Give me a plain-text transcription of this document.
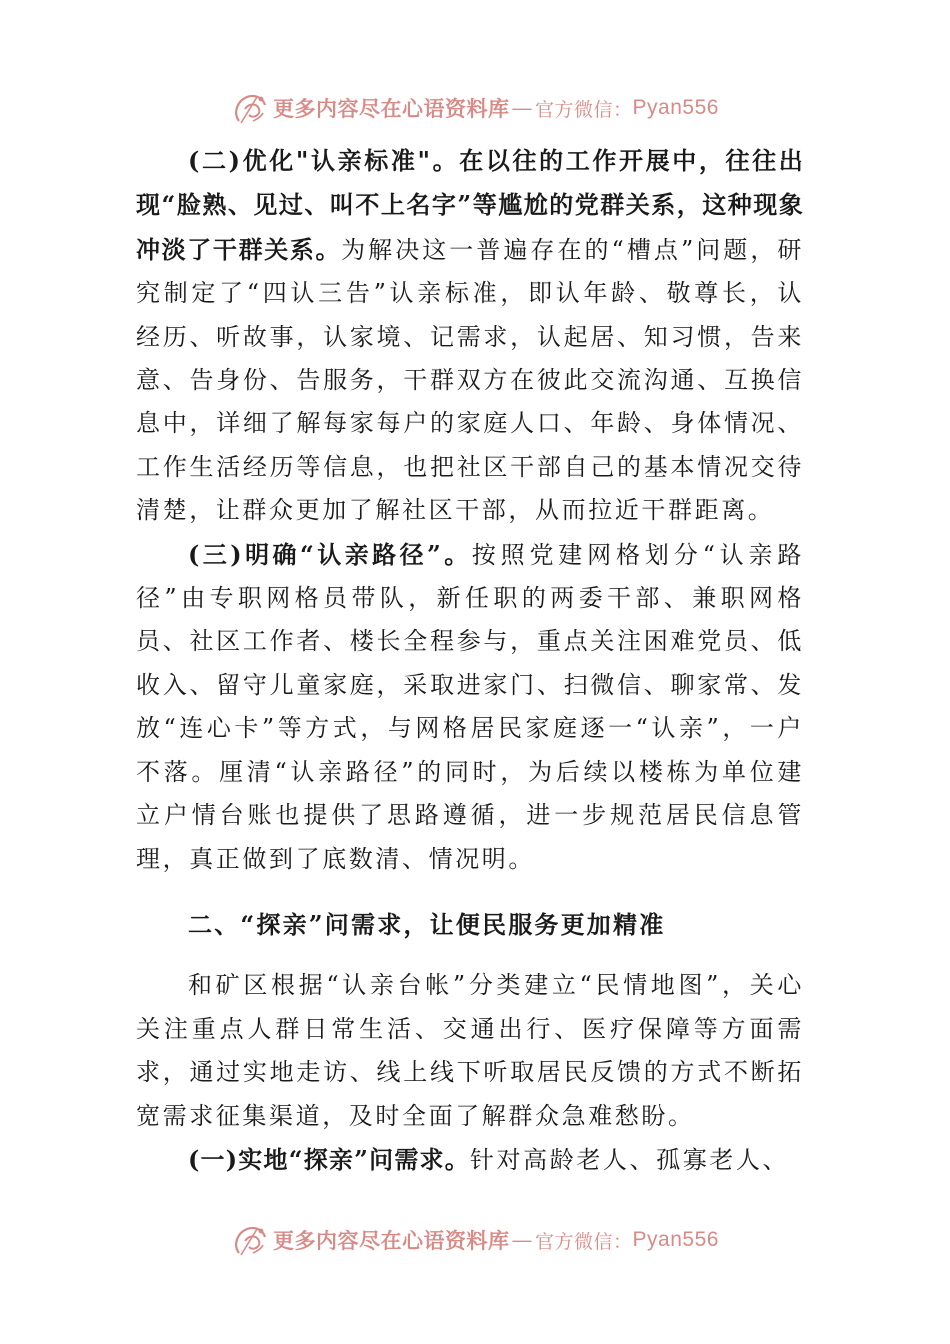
更多内容尽在心语资料库 — 官方微信： Pyan556

(二)优化"认亲标准"。在以往的工作开展中，往往出现“脸熟、见过、叫不上名字”等尴尬的党群关系，这种现象冲淡了干群关系。为解决这一普遍存在的“槽点”问题，研究制定了“四认三告”认亲标准，即认年龄、敬尊长，认经历、听故事，认家境、记需求，认起居、知习惯，告来意、告身份、告服务，干群双方在彼此交流沟通、互换信息中，详细了解每家每户的家庭人口、年龄、身体情况、工作生活经历等信息，也把社区干部自己的基本情况交待清楚，让群众更加了解社区干部，从而拉近干群距离。

(三)明确“认亲路径”。按照党建网格划分“认亲路径”由专职网格员带队，新任职的两委干部、兼职网格员、社区工作者、楼长全程参与，重点关注困难党员、低收入、留守儿童家庭，采取进家门、扫微信、聊家常、发放“连心卡”等方式，与网格居民家庭逐一“认亲”，一户不落。厘清“认亲路径”的同时，为后续以楼栋为单位建立户情台账也提供了思路遵循，进一步规范居民信息管理，真正做到了底数清、情况明。

二、“探亲”问需求，让便民服务更加精准

和矿区根据“认亲台帐”分类建立“民情地图”，关心关注重点人群日常生活、交通出行、医疗保障等方面需求，通过实地走访、线上线下听取居民反馈的方式不断拓宽需求征集渠道，及时全面了解群众急难愁盼。

(一)实地“探亲”问需求。针对高龄老人、孤寡老人、

更多内容尽在心语资料库 — 官方微信： Pyan556
